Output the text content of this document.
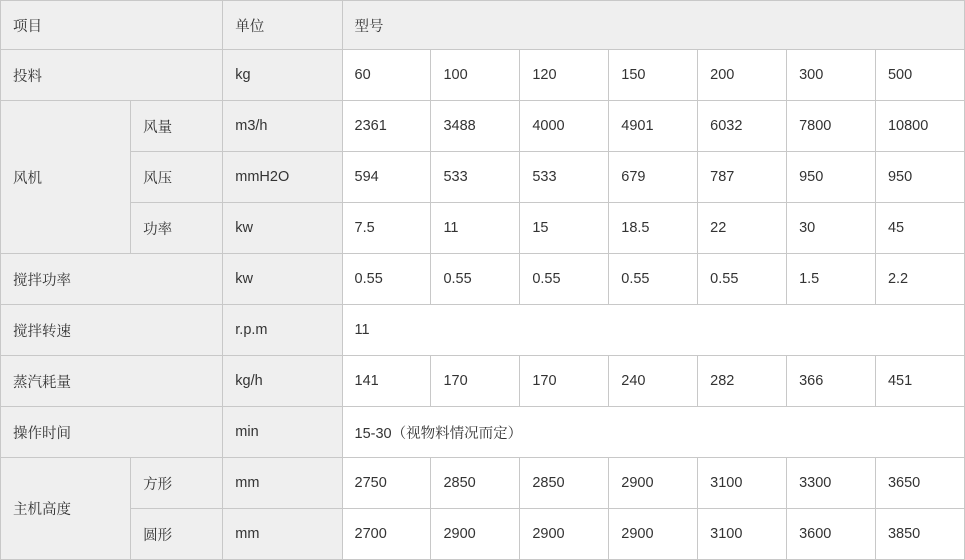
项目		单位	型号						
投料		kg	60	100	120	150	200	300	500
风机	风量	m3/h	2361	3488	4000	4901	6032	7800	10800
	风压	mmH2O	594	533	533	679	787	950	950
	功率	kw	7.5	11	15	18.5	22	30	45
搅拌功率		kw	0.55	0.55	0.55	0.55	0.55	1.5	2.2
搅拌转速		r.p.m	11						
蒸汽耗量		kg/h	141	170	170	240	282	366	451
操作时间		min	15-30（视物料情况而定）						
主机高度	方形	mm	2750	2850	2850	2900	3100	3300	3650
	圆形	mm	2700	2900	2900	2900	3100	3600	3850
